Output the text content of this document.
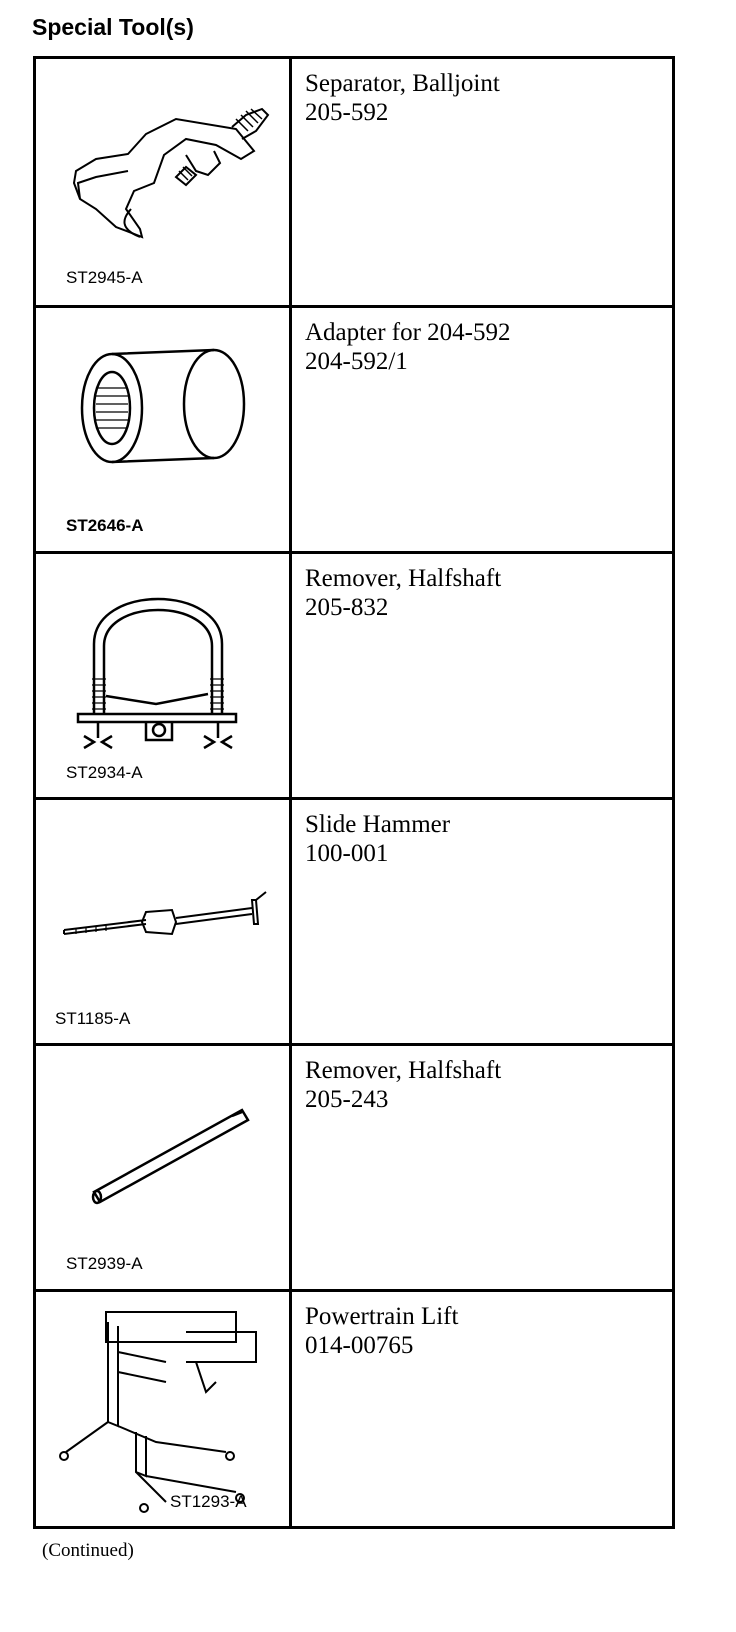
Special Tool(s)
ST2945-A
Separator, Balljoint
205-592
ST2646-A
Adapter for 204-592
204-592/1
ST2934-A
Remover, Halfshaft
205-832
ST1185-A
Slide Hammer
100-001
ST2939-A
Remover, Halfshaft
205-243
ST1293-A
Powertrain Lift
014-00765
(Continued)
